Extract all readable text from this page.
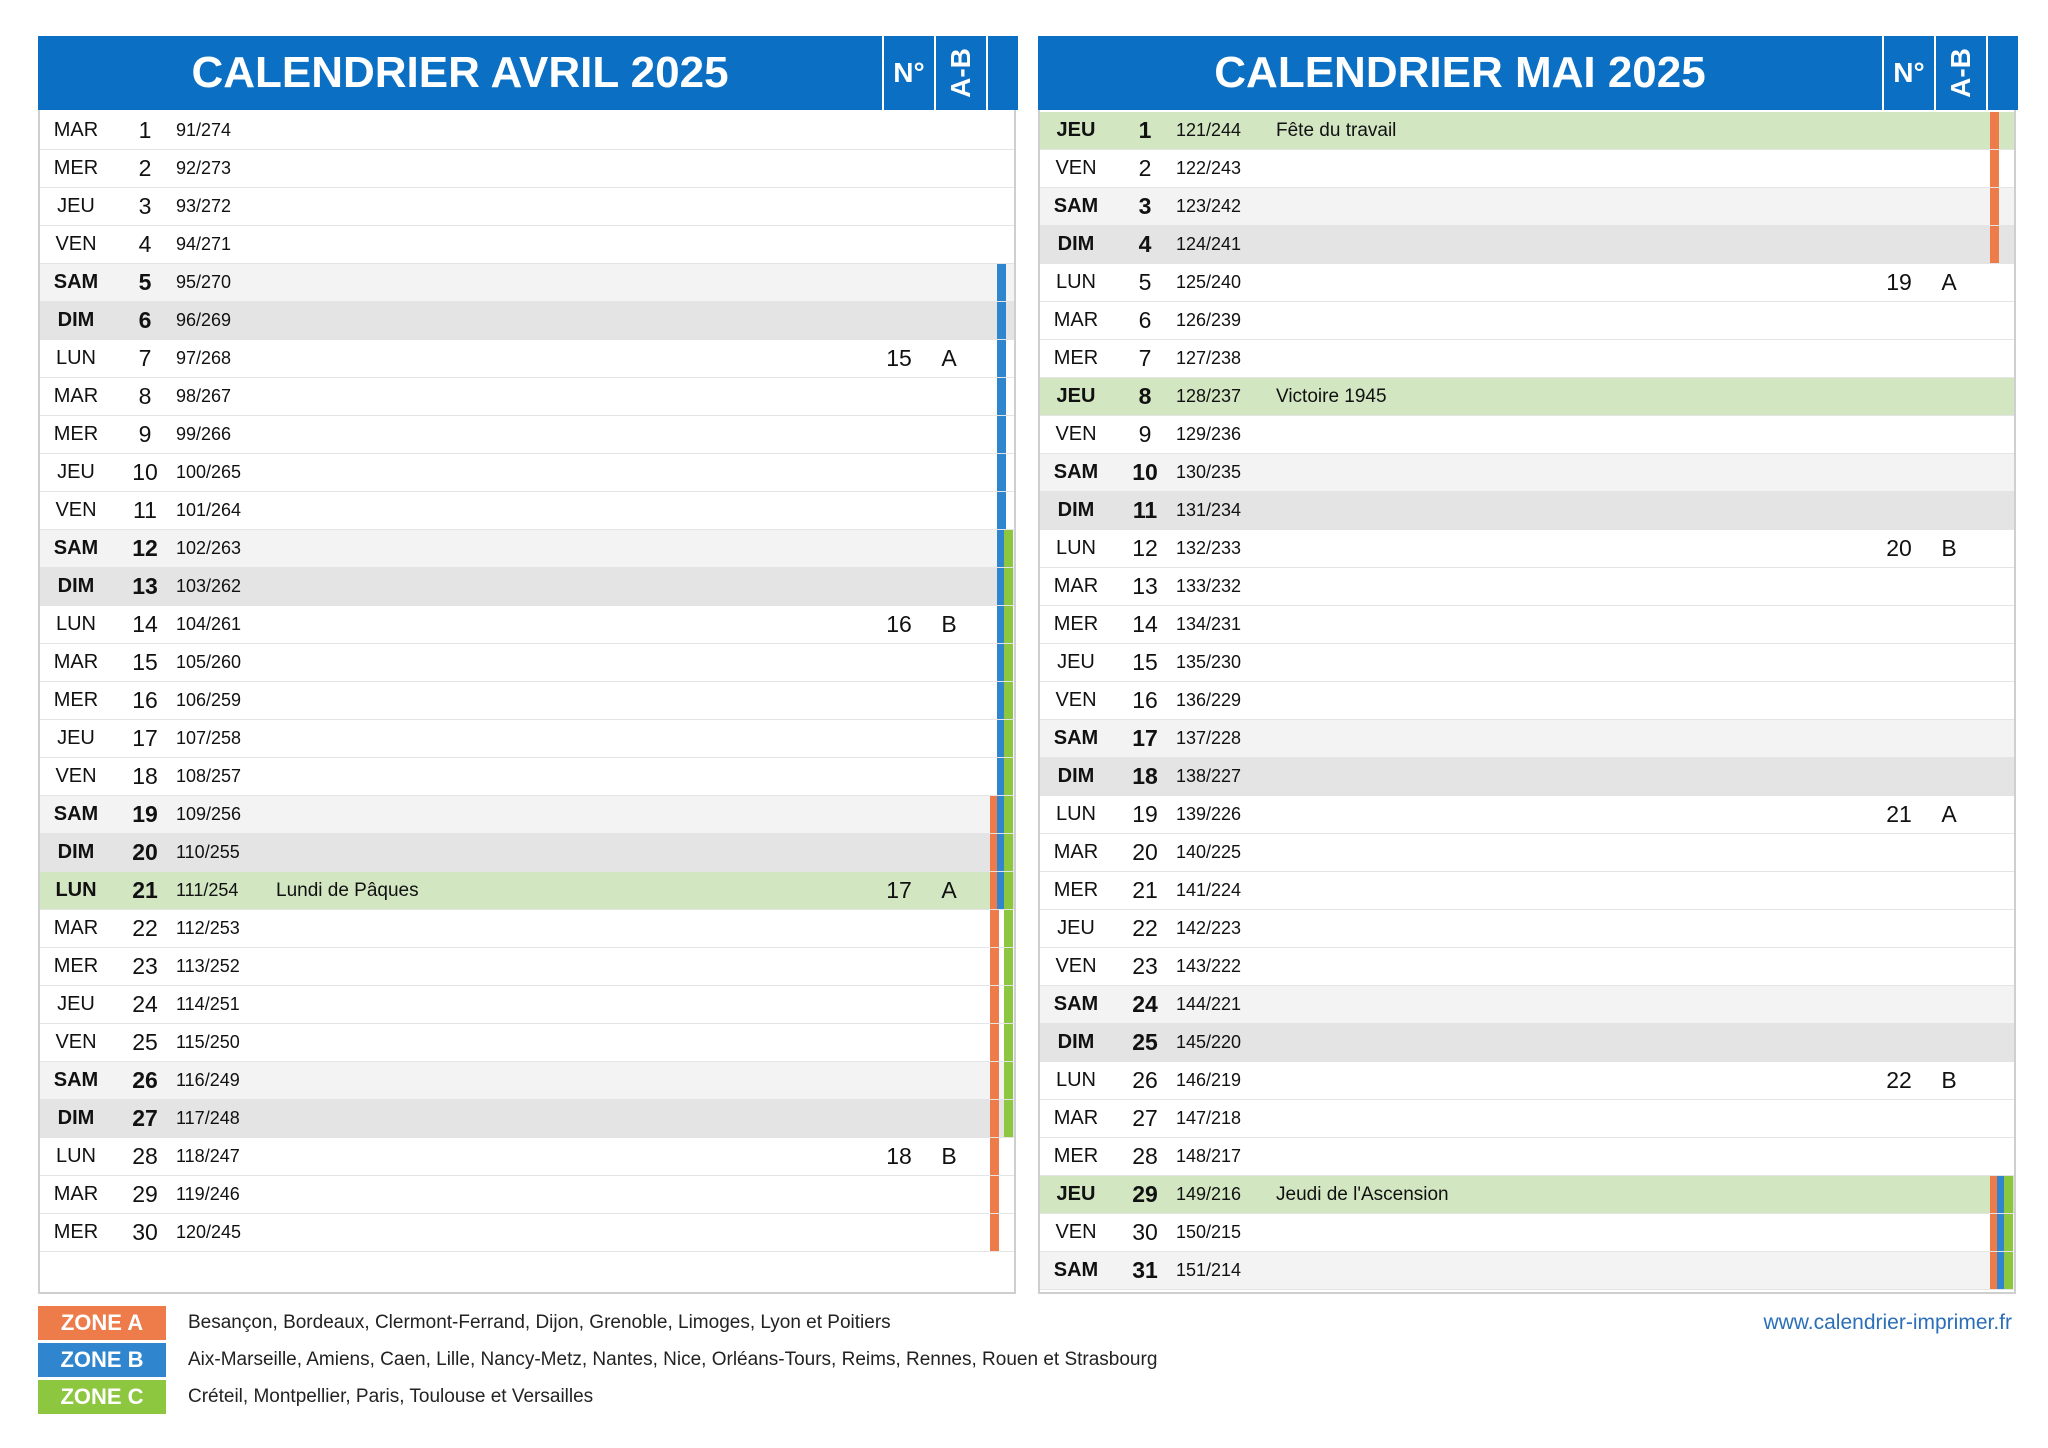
CALENDRIER AVRIL 2025	N° A-B
MAR	1	91/274
MER	2	92/273
JEU	3	93/272
VEN	4	94/271
SAM	5	95/270
DIM	6	96/269
LUN	7	97/268	15	A
MAR	8	98/267
MER	9	99/266
JEU	10	100/265
VEN	11	101/264
SAM	12	102/263
DIM	13	103/262
LUN	14	104/261	16	B
MAR	15	105/260
MER	16	106/259
JEU	17	107/258
VEN	18	108/257
SAM	19	109/256
DIM	20	110/255
LUN	21	111/254 Lundi de Pâques	17	A
MAR	22	112/253
MER	23	113/252
JEU	24	114/251
VEN	25	115/250
SAM	26	116/249
DIM	27	117/248
LUN	28	118/247	18	B
MAR	29	119/246
MER	30	120/245
CALENDRIER MAI 2025	N° A-B
JEU	1	121/244 Fête du travail
VEN	2	122/243
SAM	3	123/242
DIM	4	124/241
LUN	5	125/240	19	A
MAR	6	126/239
MER	7	127/238
JEU	8	128/237 Victoire 1945
VEN	9	129/236
SAM	10	130/235
DIM	11	131/234
LUN	12	132/233	20	B
MAR	13	133/232
MER	14	134/231
JEU	15	135/230
VEN	16	136/229
SAM	17	137/228
DIM	18	138/227
LUN	19	139/226	21	A
MAR	20	140/225
MER	21	141/224
JEU	22	142/223
VEN	23	143/222
SAM	24	144/221
DIM	25	145/220
LUN	26	146/219	22	B
MAR	27	147/218
MER	28	148/217
JEU	29	149/216 Jeudi de l'Ascension
VEN	30	150/215
SAM	31	151/214
ZONE A	Besançon, Bordeaux, Clermont-Ferrand, Dijon, Grenoble, Limoges, Lyon et Poitiers
ZONE B	Aix-Marseille, Amiens, Caen, Lille, Nancy-Metz, Nantes, Nice, Orléans-Tours, Reims, Rennes, Rouen et Strasbourg
ZONE C	Créteil, Montpellier, Paris, Toulouse et Versailles
www.calendrier-imprimer.fr
